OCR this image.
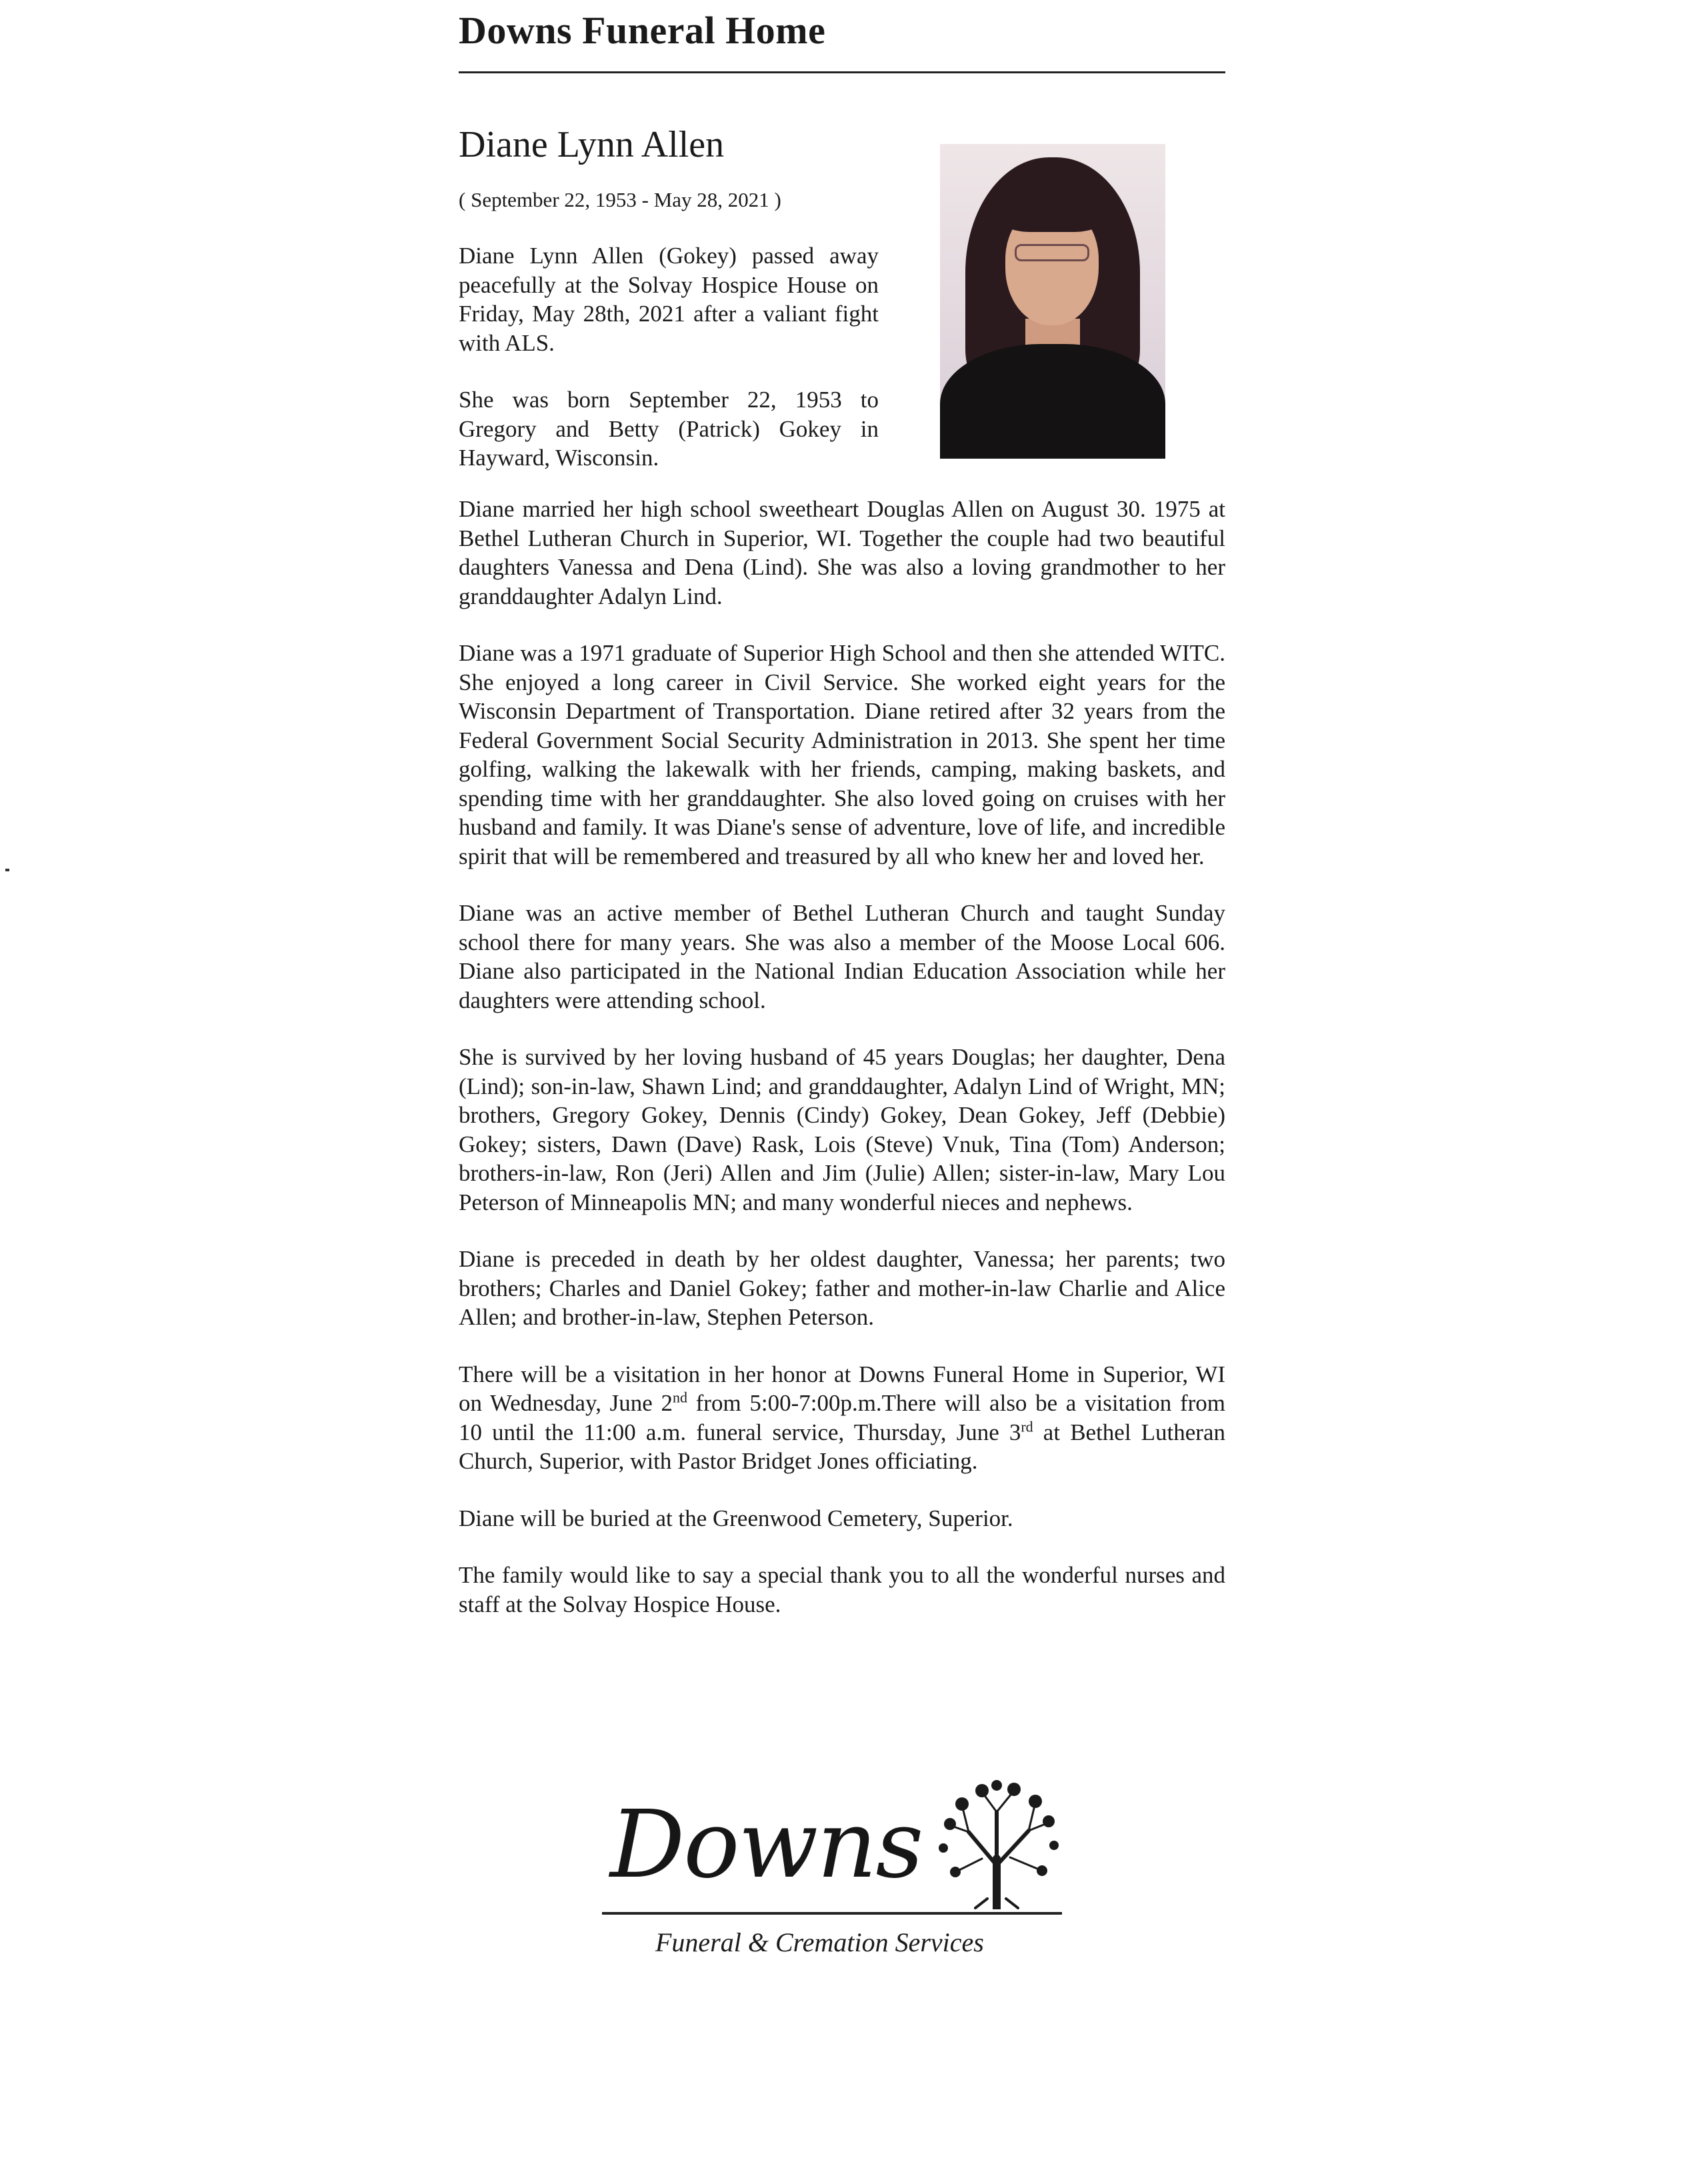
Downs Funeral Home
Diane Lynn Allen
( September 22, 1953 - May 28, 2021 )

Diane Lynn Allen (Gokey) passed away peacefully at the Solvay Hospice House on Friday, May 28th, 2021 after a valiant fight with ALS.

She was born September 22, 1953 to Gregory and Betty (Patrick) Gokey in Hayward, Wisconsin.

Diane married her high school sweetheart Douglas Allen on August 30. 1975 at Bethel Lutheran Church in Superior, WI. Together the couple had two beautiful daughters Vanessa and Dena (Lind). She was also a loving grandmother to her granddaughter Adalyn Lind.

Diane was a 1971 graduate of Superior High School and then she attended WITC. She enjoyed a long career in Civil Service. She worked eight years for the Wisconsin Department of Transportation. Diane retired after 32 years from the Federal Government Social Security Administration in 2013. She spent her time golfing, walking the lakewalk with her friends, camping, making baskets, and spending time with her granddaughter. She also loved going on cruises with her husband and family. It was Diane's sense of adventure, love of life, and incredible spirit that will be remembered and treasured by all who knew her and loved her.

Diane was an active member of Bethel Lutheran Church and taught Sunday school there for many years. She was also a member of the Moose Local 606. Diane also participated in the National Indian Education Association while her daughters were attending school.

She is survived by her loving husband of 45 years Douglas; her daughter, Dena (Lind); son-in-law, Shawn Lind; and granddaughter, Adalyn Lind of Wright, MN; brothers, Gregory Gokey, Dennis (Cindy) Gokey, Dean Gokey, Jeff (Debbie) Gokey; sisters, Dawn (Dave) Rask, Lois (Steve) Vnuk, Tina (Tom) Anderson; brothers-in-law, Ron (Jeri) Allen and Jim (Julie) Allen; sister-in-law, Mary Lou Peterson of Minneapolis MN; and many wonderful nieces and nephews.

Diane is preceded in death by her oldest daughter, Vanessa; her parents; two brothers; Charles and Daniel Gokey; father and mother-in-law Charlie and Alice Allen; and brother-in-law, Stephen Peterson.

There will be a visitation in her honor at Downs Funeral Home in Superior, WI on Wednesday, June 2nd from 5:00-7:00p.m.There will also be a visitation from 10 until the 11:00 a.m. funeral service, Thursday, June 3rd at Bethel Lutheran Church, Superior, with Pastor Bridget Jones officiating.

Diane will be buried at the Greenwood Cemetery, Superior.

The family would like to say a special thank you to all the wonderful nurses and staff at the Solvay Hospice House.

Downs
Funeral & Cremation Services
